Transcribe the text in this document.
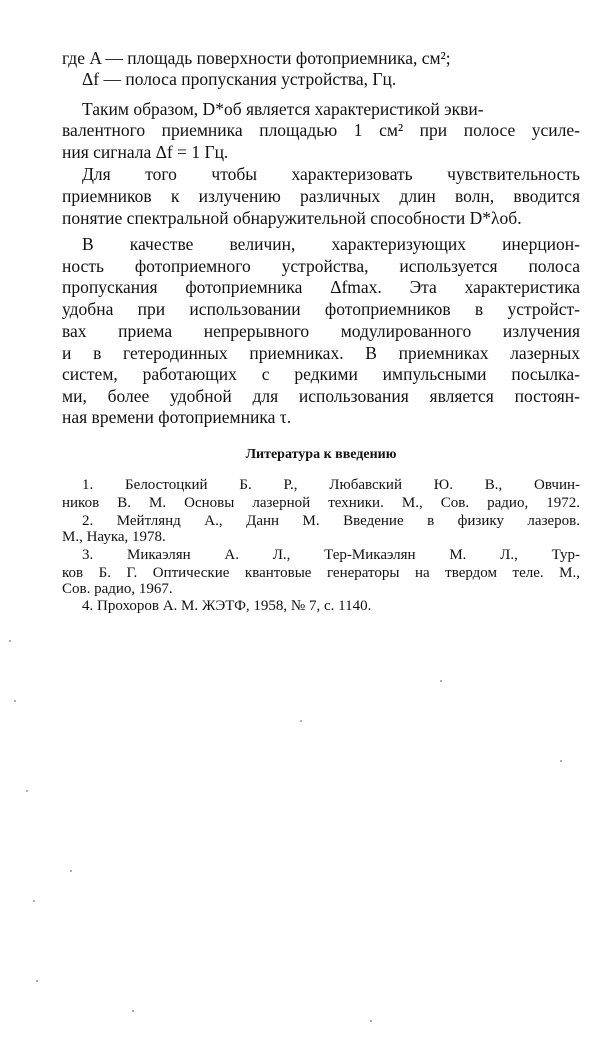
где A — площадь поверхности фотоприемника, см²;
Δf — полоса пропускания устройства, Гц.
Таким образом, D*об является характеристикой экви-
валентного приемника площадью 1 см² при полосе усиле-
ния сигнала Δf = 1 Гц.
Для того чтобы характеризовать чувствительность
приемников к излучению различных длин волн, вводится
понятие спектральной обнаружительной способности D*λоб.
В качестве величин, характеризующих инерцион-
ность фотоприемного устройства, используется полоса
пропускания фотоприемника Δfmax. Эта характеристика
удобна при использовании фотоприемников в устройст-
вах приема непрерывного модулированного излучения
и в гетеродинных приемниках. В приемниках лазерных
систем, работающих с редкими импульсными посылка-
ми, более удобной для использования является постоян-
ная времени фотоприемника τ.
Литература к введению
1. Белостоцкий Б. Р., Любавский Ю. В., Овчин-
ников В. М. Основы лазерной техники. М., Сов. радио, 1972.
2. Мейтлянд А., Данн М. Введение в физику лазеров.
М., Наука, 1978.
3. Микаэлян А. Л., Тер-Микаэлян М. Л., Тур-
ков Б. Г. Оптические квантовые генераторы на твердом теле. М.,
Сов. радио, 1967.
4. Прохоров А. М. ЖЭТФ, 1958, № 7, с. 1140.
